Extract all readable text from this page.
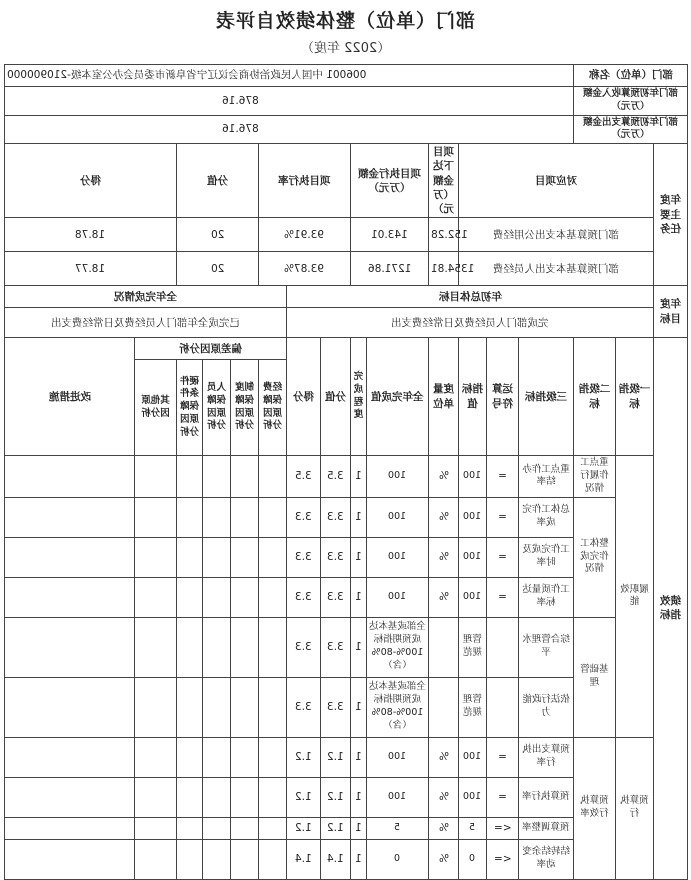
部门（单位）整体绩效自评表
（2022 年度）
006001 中国人民政治协商会议辽宁省阜新市委员会办公室本级-210900000														部门（单位）名称		
876.16														部门年初预算收入金额（万元）		
876.16														部门年初预算支出金额（万元）		
得分		分值			项目执行率			项目执行金额（万元）		项目下达金额（万元）	对应项目					年度主要任务
18.78		20			93.91%			143.01		152.28	部门预算基本支出公用经费					
18.77		20			93.87%			1271.86		1354.81	部门预算基本支出人员经费					
全年完成情况						年初总体目标										年度目标
已完成全年部门人员经费及日常经费支出						完成部门人员经费及日常经费支出										
改进措施	偏差原因分析					得分	分值	完成程度	全年完成值	度量单位	指标值	运算符号	三级指标	二级指标	一级指标	绩效指标
	其他原因分析	硬件条件保障原因分析	人员保障原因分析	制度保障原因分析	经费保障原因分析											
						3.5	3.5	1	100	%	100	=	重点工作办结率	重点工作履行情况	履职效能	
						3.3	3.3	1	100	%	100	=	总体工作完成率	整体工作完成情况		
						3.3	3.3	1	100	%	100	=	工作完成及时率			
						3.3	3.3	1	100	%	100	=	工作质量达标率			
						3.3	3.3	1	全部或基本达成预期指标100%-80%（含）		管理规范		综合管理水平	基础管理		
						3.3	3.3	1	全部或基本达成预期指标100%-80%（含）		管理规范		依法行政能力			
						1.2	1.2	1	100	%	100	=	预算支出执行率	预算执行效率	预算执行	
						1.2	1.2	1	100	%	100	=	预算执行率			
						1.2	1.2	1	5	%	5	<=	预算调整率			
						1.4	1.4	1	0	%	0	<=	结转结余变动率			
